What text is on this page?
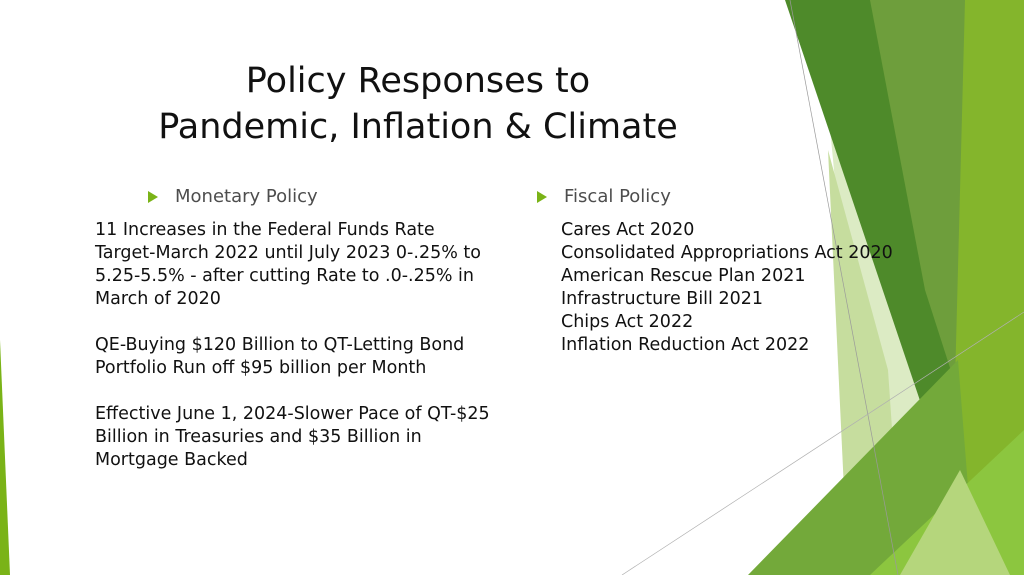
Policy Responses to
Pandemic, Inflation & Climate
Monetary Policy	Fiscal Policy
11 Increases in the Federal Funds Rate
Target-March 2022 until July 2023 0-.25% to
5.25-5.5% - after cutting Rate to .0-.25% in
March of 2020
QE-Buying $120 Billion to QT-Letting Bond
Portfolio Run off $95 billion per Month
Effective June 1, 2024-Slower Pace of QT-$25
Billion in Treasuries and $35 Billion in
Mortgage Backed
Cares Act 2020
Consolidated Appropriations Act 2020
American Rescue Plan 2021
Infrastructure Bill 2021
Chips Act 2022
Inflation Reduction Act 2022
